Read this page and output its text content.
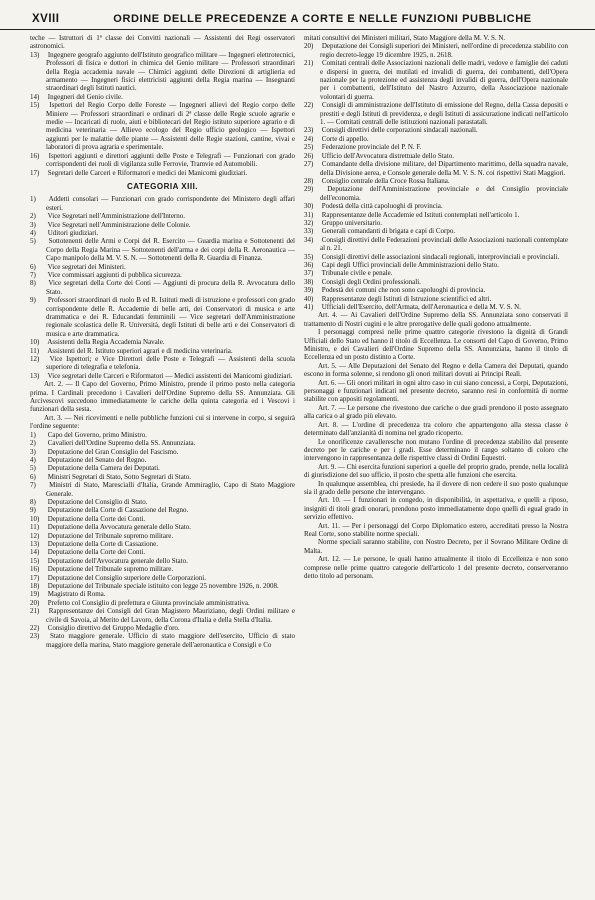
XVIII	ORDINE DELLE PRECEDENZE A CORTE E NELLE FUNZIONI PUBBLICHE

teche — Istruttori di 1ª classe dei Convitti nazionali — Assistenti dei Regi osservatori astronomici.

13) Ingegnere geografo aggiunto dell'Istituto geografico militare — Ingegneri elettrotecnici, Professori di fisica e dottori in chimica del Genio militare — Professori straordinari della Regia accademia navale — Chimici aggiunti delle Direzioni di artiglieria ed armamento — Ingegneri fisici elettricisti aggiunti della Regia marina — Insegnanti straordinari degli Istituti nautici.

14) Ingegneri del Genio civile.

15) Ispettori del Regio Corpo delle Foreste — Ingegneri allievi del Regio corpo delle Miniere — Professori straordinari e ordinari di 2ª classe delle Regie scuole agrarie e medie — Incaricati di ruolo, aiuti e bibliotecari del Regio istituto superiore agrario e di medicina veterinaria — Allievo ecologo del Regio ufficio geologico — Ispettori aggiunti per le malattie delle piante — Assistenti delle Regie stazioni, cantine, vivai e laboratori di prova agraria e sperimentale.

16) Ispettori aggiunti e direttori aggiunti delle Poste e Telegrafi — Funzionari con grado corrispondenti dei ruoli di vigilanza sulle Ferrovie, Tramvie ed Automobili.

17) Segretari delle Carceri e Riformatori e medici dei Manicomi giudiziari.

CATEGORIA XIII.

1) Addetti consolari — Funzionari con grado corrispondente dei Ministero degli affari esteri.

2) Vice Segretari nell'Amministrazione dell'Interno.

3) Vice Segretari nell'Amministrazione delle Colonie.

4) Uditori giudiziari.

5) Sottotenenti delle Armi e Corpi del R. Esercito — Guardia marina e Sottotenenti del Corpo della Regia Marina — Sottotenenti dell'arma e dei corpi della R. Aeronautica — Capo manipolo della M. V. S. N. — Sottotenenti della R. Guardia di Finanza.

6) Vice segretari dei Ministeri.

7) Vice commissari aggiunti di pubblica sicurezza.

8) Vice segretari della Corte dei Conti — Aggiunti di procura della R. Avvocatura dello Stato.

9) Professori straordinari di ruolo B ed R. Istituti medi di istruzione e professori con grado corrispondente delle R. Accademie di belle arti, dei Conservatori di musica e arte drammatica e dei R. Educandati femminili — Vice segretari dell'Amministrazione regionale scolastica delle R. Università, degli Istituti di belle arti e dei Conservatori di musica e arte drammatica.

10) Assistenti della Regia Accademia Navale.

11) Assistenti del R. Istituto superiori agrari e di medicina veterinaria.

12) Vice Ispettori; e Vice Direttori delle Poste e Telegrafi — Assistenti della scuola superiore di telegrafia e telefonia.

13) Vice segretari delle Carceri e Riformatori — Medici assistenti dei Manicomi giudiziari.

Art. 2. — Il Capo del Governo, Primo Ministro, prende il primo posto nella categoria prima. I Cardinali precedono i Cavalieri dell'Ordine Supremo della SS. Annunziata. Gli Arcivescovi succedono immediatamente le cariche della quinta categoria ed i Vescovi i funzionari della sesta.

Art. 3. — Nei ricevimenti e nelle pubbliche funzioni cui si intervene in corpo, si seguirà l'ordine seguente:

1) Capo del Governo, primo Ministro.

2) Cavalieri dell'Ordine Supremo della SS. Annunziata.

3) Deputazione del Gran Consiglio del Fascismo.

4) Deputazione del Senato del Regno.

5) Deputazione della Camera dei Deputati.

6) Ministri Segretari di Stato, Sotto Segretari di Stato.

7) Ministri di Stato, Marescialli d'Italia, Grande Ammiraglio, Capo di Stato Maggiore Generale.

8) Deputazione del Consiglio di Stato.

9) Deputazione della Corte di Cassazione del Regno.

10) Deputazione della Corte dei Conti.

11) Deputazione della Avvocatura generale dello Stato.

12) Deputazione del Tribunale supremo militare.

13) Deputazione della Corte di Cassazione.

14) Deputazione della Corte dei Conti.

15) Deputazione dell'Avvocatura generale dello Stato.

16) Deputazione del Tribunale supremo militare.

17) Deputazione del Consiglio superiore delle Corporazioni.

18) Deputazione del Tribunale speciale istituito con legge 25 novembre 1926, n. 2008.

19) Magistrato di Roma.

20) Prefetto col Consiglio di prefettura e Giunta provinciale amministrativa.

21) Rappresentanze dei Consigli del Gran Magistero Mauriziano, degli Ordini militare e civile di Savoia, al Merito del Lavoro, della Corona d'Italia e della Stella d'Italia.

22) Consiglio direttivo del Gruppo Medaglie d'oro.

23) Stato maggiore generale. Ufficio di stato maggiore dell'esercito, Ufficio di stato maggiore della marina, Stato maggiore generale dell'aeronautica e Consigli e Co

mitati consultivi dei Ministeri militari, Stato Maggiore della M. V. S. N.

20) Deputazione dei Consigli superiori dei Ministeri, nell'ordine di precedenza stabilito con regio decreto-legge 19 dicembre 1925, n. 2618.

21) Comitati centrali delle Associazioni nazionali delle madri, vedove e famiglie dei caduti e dispersi in guerra, dei mutilati ed invalidi di guerra, dei combattenti, dell'Opera nazionale per la protezione ed assistenza degli invalidi di guerra, dell'Opera nazionale per i combattenti, dell'Istituto del Nastro Azzurro, della Associazione nazionale volontari di guerra.

22) Consigli di amministrazione dell'Istituto di emissione del Regno, della Cassa depositi e prestiti e degli Istituti di previdenza, e degli Istituti di assicurazione indicati nell'articolo 1. — Comitati centrali delle istituzioni nazionali parastatali.

23) Consigli direttivi delle corporazioni sindacali nazionali.

24) Corte di appello.

25) Federazione provinciale del P. N. F.

26) Ufficio dell'Avvocatura distrettuale dello Stato.

27) Comandante della divisione militare, del Dipartimento marittimo, della squadra navale, della Divisione aerea, e Console generale della M. V. S. N. coi rispettivi Stati Maggiori.

28) Consiglio centrale della Croce Rossa Italiana.

29) Deputazione dell'Amministrazione provinciale e del Consiglio provinciale dell'economia.

30) Podestà della città capoluoghi di provincia.

31) Rappresentanze delle Accademie ed Istituti contemplati nell'articolo 1.

32) Gruppo universitario.

33) Generali comandanti di brigata e capi di Corpo.

34) Consigli direttivi delle Federazioni provinciali delle Associazioni nazionali contemplate al n. 21.

35) Consigli direttivi delle associazioni sindacali regionali, interprovinciali e provinciali.

36) Capi degli Uffici provinciali delle Amministrazioni dello Stato.

37) Tribunale civile e penale.

38) Consigli degli Ordini professionali.

39) Podestà dei comuni che non sono capoluoghi di provincia.

40) Rappresentanze degli Istituti di Istruzione scientifici ed altri.

41) Ufficiali dell'Esercito, dell'Armata, dell'Aeronautica e della M. V. S. N.

Art. 4. — Ai Cavalieri dell'Ordine Supremo della SS. Annunziata sono conservati il trattamento di Nostri cugini e le altre prerogative delle quali godono attualmente.

I personaggi compresi nelle prime quattro categorie rivestono la dignità di Grandi Ufficiali dello Stato ed hanno il titolo di Eccellenza. Le consorti del Capo di Governo, Primo Ministro, e dei Cavalieri dell'Ordine Supremo della SS. Annunziata, hanno il titolo di Eccellenza ed un posto distinto a Corte.

Art. 5. — Alle Deputazioni del Senato del Regno e della Camera dei Deputati, quando escono in forma solenne, si rendono gli onori militari dovuti ai Principi Reali.

Art. 6. — Gli onori militari in ogni altro caso in cui siano concessi, a Corpi, Deputazioni, personaggi e funzionari indicati nel presente decreto, saranno resi in conformità di norme stabilite con appositi regolamenti.

Art. 7. — Le persone che rivestono due cariche o due gradi prendono il posto assegnato alla carica o al grado più elevato.

Art. 8. — L'ordine di precedenza tra coloro che appartengono alla stessa classe è determinato dall'anzianità di nomina nel grado ricoperto.

Le onorificenze cavalleresche non mutano l'ordine di precedenza stabilito dal presente decreto per le cariche e per i gradi. Esse determinano il rango soltanto di coloro che intervengono in rappresentanza delle rispettive classi di Ordini Equestri.

Art. 9. — Chi esercita funzioni superiori a quelle del proprio grado, prende, nella località di giurisdizione del suo ufficio, il posto che spetta alle funzioni che esercita.

In qualunque assemblea, chi presiede, ha il dovere di non cedere il suo posto qualunque sia il grado delle persone che intervengano.

Art. 10. — I funzionari in congedo, in disponibilità, in aspettativa, e quelli a riposo, insigniti di titoli gradi onorari, prendono posto immediatamente dopo quelli di egual grado in servizio effettivo.

Art. 11. — Per i personaggi del Corpo Diplomatico estero, accreditati presso la Nostra Real Corte, sono stabilite norme speciali.

Norme speciali saranno stabilite, con Nostro Decreto, per il Sovrano Militare Ordine di Malta.

Art. 12. — Le persone, le quali hanno attualmente il titolo di Eccellenza e non sono comprese nelle prime quattro categorie dell'articolo 1 del presente decreto, conserveranno detto titolo ad personam.
